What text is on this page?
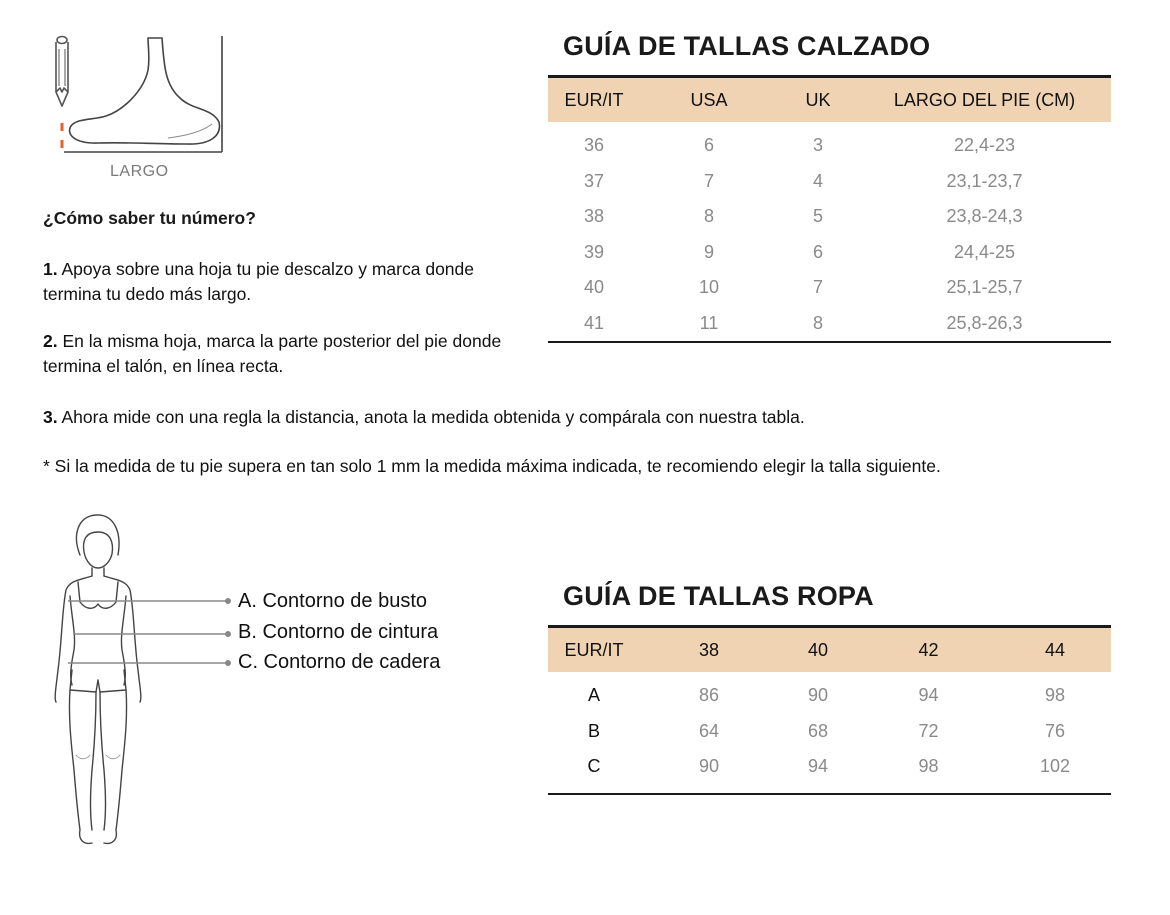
LARGO
¿Cómo saber tu número?
1. Apoya sobre una hoja tu pie descalzo y marca donde termina tu dedo más largo.
2. En la misma hoja, marca la parte posterior del pie donde termina el talón, en línea recta.
3. Ahora mide con una regla la distancia, anota la medida obtenida y compárala con nuestra tabla.
* Si la medida de tu pie supera en tan solo 1 mm la medida máxima indicada, te recomiendo elegir la talla siguiente.
GUÍA DE TALLAS CALZADO
EUR/IT	USA	UK	LARGO DEL PIE (CM)
36	6	3	22,4-23
37	7	4	23,1-23,7
38	8	5	23,8-24,3
39	9	6	24,4-25
40	10	7	25,1-25,7
41	11	8	25,8-26,3
A. Contorno de busto
B. Contorno de cintura
C. Contorno de cadera
GUÍA DE TALLAS ROPA
EUR/IT	38	40	42	44
A	86	90	94	98
B	64	68	72	76
C	90	94	98	102
